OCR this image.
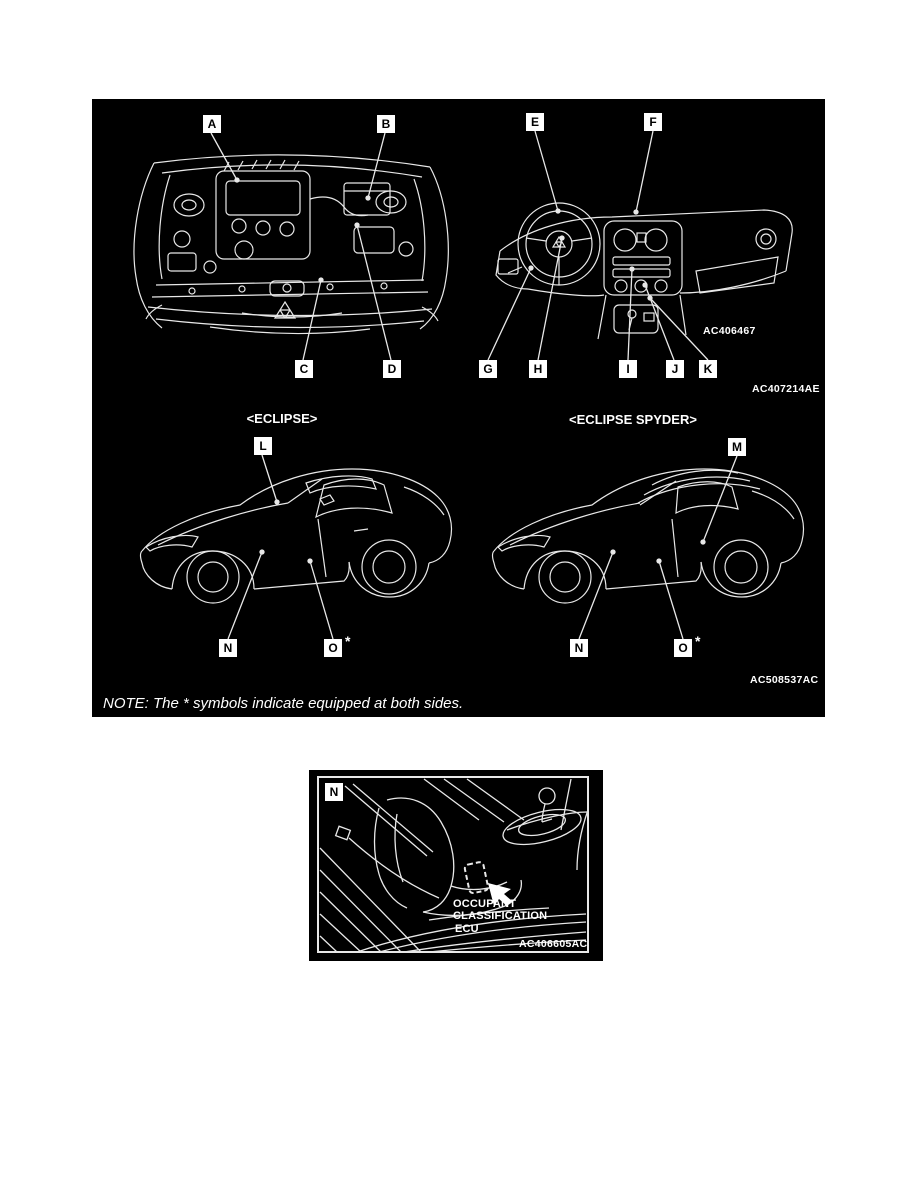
A	B
C	D
E	F
G	H	I	J	K
AC406467
AC407214AE
<ECLIPSE>	<ECLIPSE SPYDER>
L
N	O *
M
N	O *
AC508537AC
NOTE: The * symbols indicate equipped at both sides.
N
OCCUPANT
CLASSIFICATION
ECU
AC406605AC
